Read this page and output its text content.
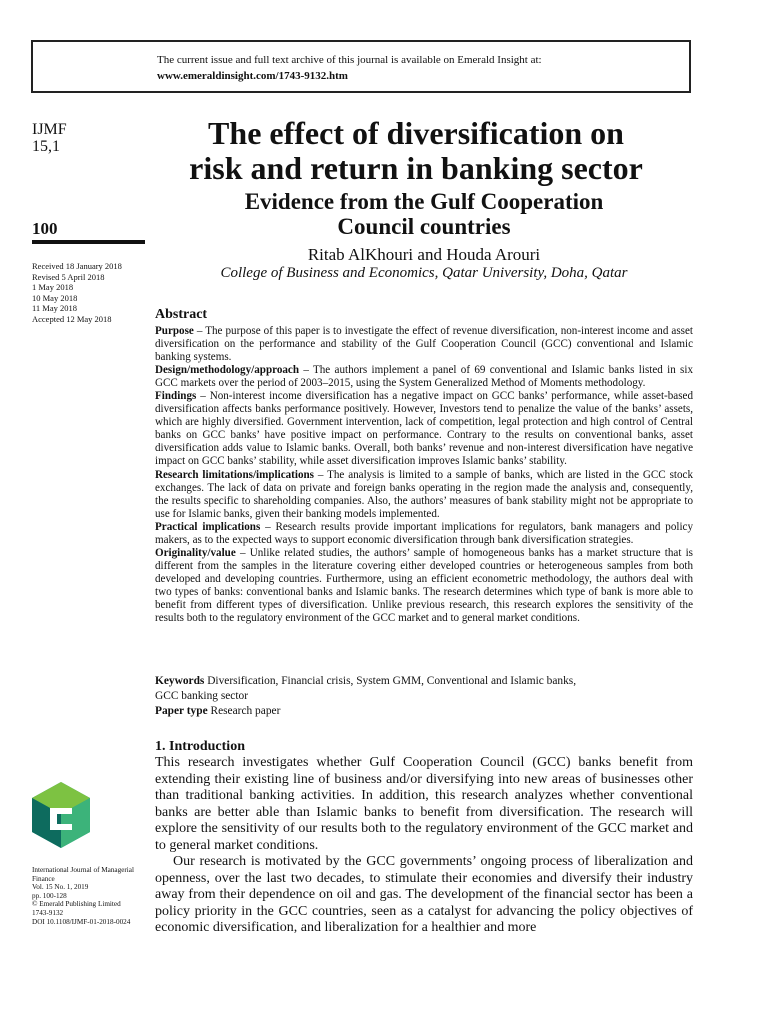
The current issue and full text archive of this journal is available on Emerald Insight at:
www.emeraldinsight.com/1743-9132.htm
IJMF
15,1
100
Received 18 January 2018
Revised 5 April 2018
1 May 2018
10 May 2018
11 May 2018
Accepted 12 May 2018
The effect of diversification on
risk and return in banking sector
Evidence from the Gulf Cooperation
Council countries
Ritab AlKhouri and Houda Arouri
College of Business and Economics, Qatar University, Doha, Qatar
Abstract

Purpose – The purpose of this paper is to investigate the effect of revenue diversification, non-interest income and asset diversification on the performance and stability of the Gulf Cooperation Council (GCC) conventional and Islamic banking systems.

Design/methodology/approach – The authors implement a panel of 69 conventional and Islamic banks listed in six GCC markets over the period of 2003–2015, using the System Generalized Method of Moments methodology.

Findings – Non-interest income diversification has a negative impact on GCC banks’ performance, while asset-based diversification affects banks performance positively. However, Investors tend to penalize the value of the banks’ assets, which are highly diversified. Government intervention, lack of competition, legal protection and high control of Central banks on GCC banks’ have positive impact on performance. Contrary to the results on conventional banks, asset diversification adds value to Islamic banks. Overall, both banks’ revenue and non-interest diversification have negative impact on GCC banks’ stability, while asset diversification improves Islamic banks’ stability.

Research limitations/implications – The analysis is limited to a sample of banks, which are listed in the GCC stock exchanges. The lack of data on private and foreign banks operating in the region made the analysis and, consequently, the results specific to shareholding companies. Also, the authors’ measures of bank stability might not be appropriate to use for Islamic banks, given their banking models implemented.

Practical implications – Research results provide important implications for regulators, bank managers and policy makers, as to the expected ways to support economic diversification through bank diversification strategies.

Originality/value – Unlike related studies, the authors’ sample of homogeneous banks has a market structure that is different from the samples in the literature covering either developed countries or heterogeneous samples from both developed and developing countries. Furthermore, using an efficient econometric methodology, the authors deal with two types of banks: conventional banks and Islamic banks. The research determines which type of bank is more able to benefit from different types of diversification. Unlike previous research, this research explores the sensitivity of the results both to the regulatory environment of the GCC market and to general market conditions.

Keywords Diversification, Financial crisis, System GMM, Conventional and Islamic banks,

GCC banking sector

Paper type Research paper

1. Introduction

This research investigates whether Gulf Cooperation Council (GCC) banks benefit from extending their existing line of business and/or diversifying into new areas of businesses other than traditional banking activities. In addition, this research analyzes whether conventional banks are better able than Islamic banks to benefit from diversification. The research will explore the sensitivity of our results both to the regulatory environment of the GCC market and to general market conditions.

Our research is motivated by the GCC governments’ ongoing process of liberalization and openness, over the last two decades, to stimulate their economies and diversify their industry away from their dependence on oil and gas. The development of the financial sector has been a policy priority in the GCC countries, seen as a catalyst for advancing the policy objectives of economic diversification, and liberalization for a healthier and more

International Journal of Managerial
Finance
Vol. 15 No. 1, 2019
pp. 100-128
© Emerald Publishing Limited
1743-9132
DOI 10.1108/IJMF-01-2018-0024
